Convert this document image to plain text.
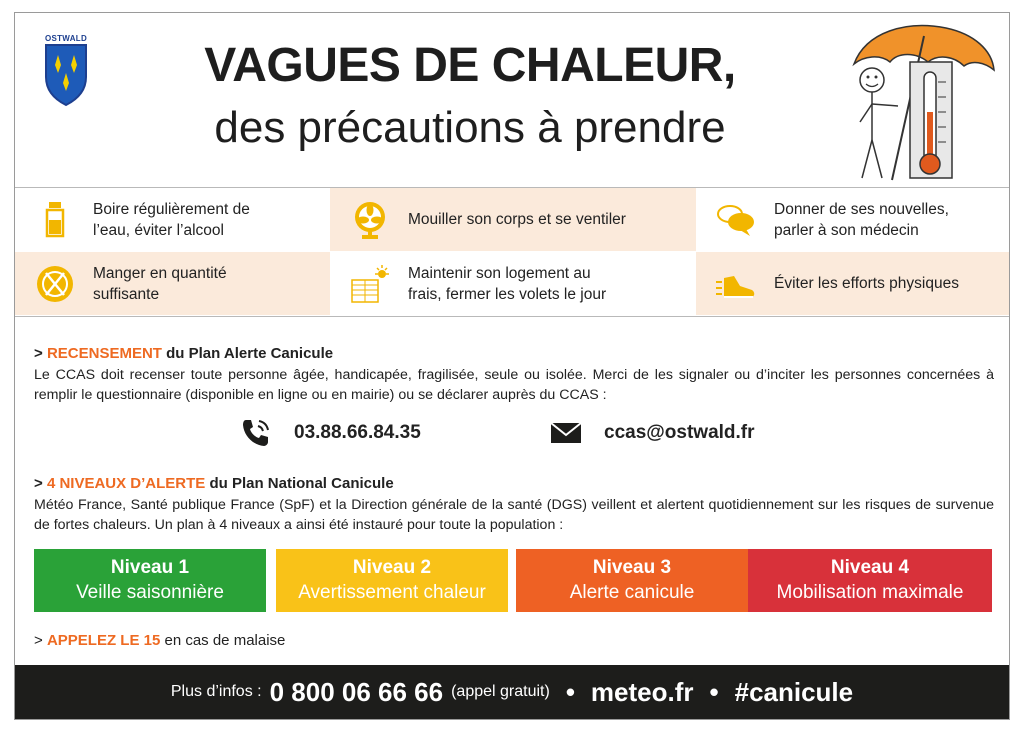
OSTWALD
VAGUES DE CHALEUR,
des précautions à prendre
Boire régulièrement de
l’eau, éviter l’alcool
Mouiller son corps et se ventiler
Donner de ses nouvelles,
parler à son médecin
Manger en quantité
suffisante
Maintenir son logement au
frais, fermer les volets le jour
Éviter les efforts physiques
> RECENSEMENT du Plan Alerte Canicule
Le CCAS doit recenser toute personne âgée, handicapée, fragilisée, seule ou isolée. Merci de les signaler ou d’inciter les personnes concernées à remplir le questionnaire (disponible en ligne ou en mairie) ou se déclarer auprès du CCAS :
03.88.66.84.35	ccas@ostwald.fr
> 4 NIVEAUX D’ALERTE du Plan National Canicule
Météo France, Santé publique France (SpF) et la Direction générale de la santé (DGS) veillent et alertent quotidiennement sur les risques de survenue de fortes chaleurs. Un plan à 4 niveaux a ainsi été instauré pour toute la population :
Niveau 1
Veille saisonnière
Niveau 2
Avertissement chaleur
Niveau 3
Alerte canicule
Niveau 4
Mobilisation maximale
> APPELEZ LE 15 en cas de malaise
Plus d’infos : 0 800 06 66 66 (appel gratuit) • meteo.fr • #canicule
